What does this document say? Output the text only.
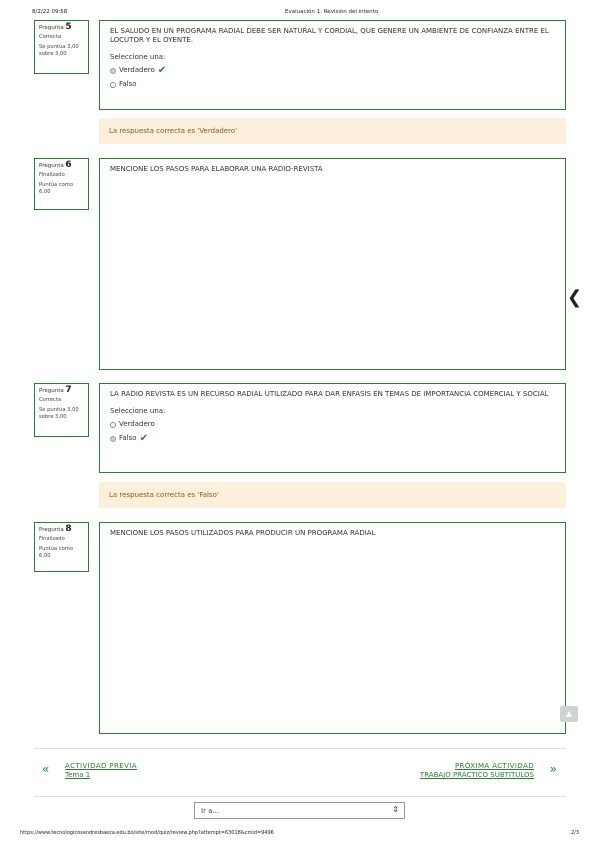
8/2/22 09:58	Evaluación 1: Revisión del intento
Pregunta 5
Correcta
Se puntúa 3,00 sobre 3,00
EL SALUDO EN UN PROGRAMA RADIAL DEBE SER NATURAL Y CORDIAL, QUE GENERE UN AMBIENTE DE CONFIANZA ENTRE EL LOCUTOR Y EL OYENTE.
Seleccione una:
Verdadero ✔
Falso
La respuesta correcta es 'Verdadero'
Pregunta 6
Finalizado
Puntúa como 6,00
MENCIONE LOS PASOS PARA ELABORAR UNA RADIO-REVISTA
❮
Pregunta 7
Correcta
Se puntúa 3,00 sobre 3,00
LA RADIO REVISTA ES UN RECURSO RADIAL UTILIZADO PARA DAR ENFASIS EN TEMAS DE IMPORTANCIA COMERCIAL Y SOCIAL
Seleccione una:
Verdadero
Falso ✔
La respuesta correcta es 'Falso'
Pregunta 8
Finalizado
Puntúa como 6,00
MENCIONE LOS PASOS UTILIZADOS PARA PRODUCIR UN PROGRAMA RADIAL
▲
« ACTIVIDAD PREVIA
Tema 1
PRÓXIMA ACTIVIDAD
TRABAJO PRACTICO SUBTITULOS »
Ir a...	⇕
https://www.tecnologicosandresbaeza.edu.bo/site/mod/quiz/review.php?attempt=63018&cmid=9496	2/3
